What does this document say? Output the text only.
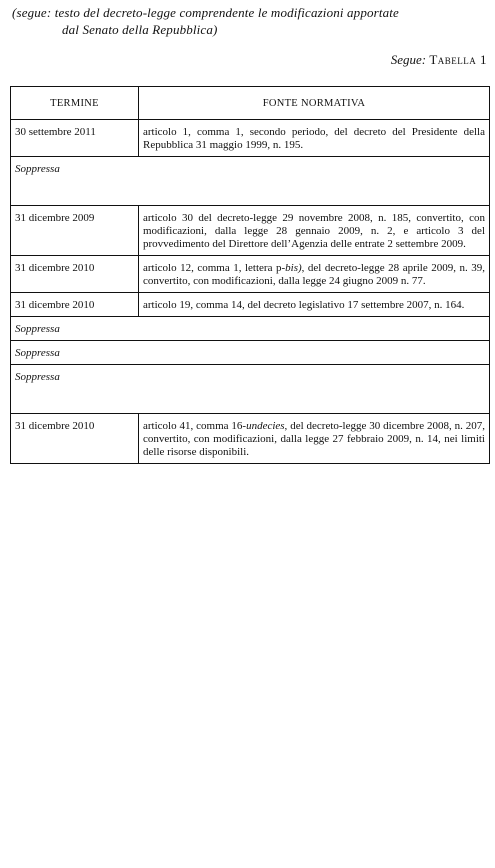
(segue: testo del decreto-legge comprendente le modificazioni apportate
dal Senato della Repubblica)
Segue: Tabella 1
TERMINE	FONTE NORMATIVA
30 settembre 2011	articolo 1, comma 1, secondo periodo, del decreto del Presidente della Repubblica 31 maggio 1999, n. 195.
Soppressa	
31 dicembre 2009	articolo 30 del decreto-legge 29 novembre 2008, n. 185, convertito, con modificazioni, dalla legge 28 gennaio 2009, n. 2, e articolo 3 del provvedimento del Direttore dell’Agenzia delle entrate 2 settembre 2009.
31 dicembre 2010	articolo 12, comma 1, lettera p-bis), del decreto-legge 28 aprile 2009, n. 39, convertito, con modificazioni, dalla legge 24 giugno 2009 n. 77.
31 dicembre 2010	articolo 19, comma 14, del decreto legislativo 17 settembre 2007, n. 164.
Soppressa	
Soppressa	
Soppressa	
31 dicembre 2010	articolo 41, comma 16-undecies, del decreto-legge 30 dicembre 2008, n. 207, convertito, con modificazioni, dalla legge 27 febbraio 2009, n. 14, nei limiti delle risorse disponibili.
